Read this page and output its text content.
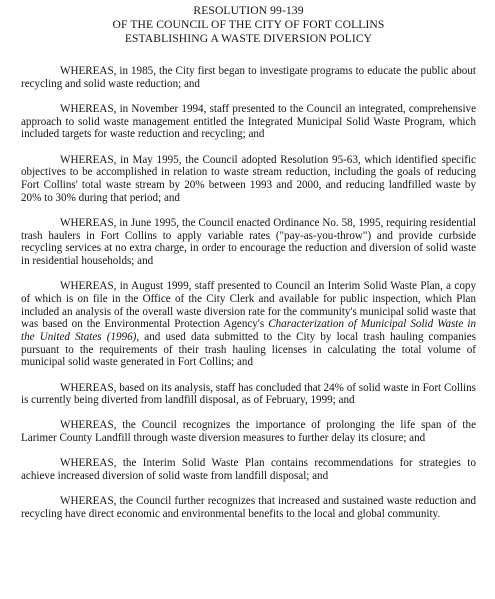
RESOLUTION 99-139
OF THE COUNCIL OF THE CITY OF FORT COLLINS
ESTABLISHING A WASTE DIVERSION POLICY

WHEREAS, in 1985, the City first began to investigate programs to educate the public about recycling and solid waste reduction; and

WHEREAS, in November 1994, staff presented to the Council an integrated, comprehensive approach to solid waste management entitled the Integrated Municipal Solid Waste Program, which included targets for waste reduction and recycling; and

WHEREAS, in May 1995, the Council adopted Resolution 95-63, which identified specific objectives to be accomplished in relation to waste stream reduction, including the goals of reducing Fort Collins' total waste stream by 20% between 1993 and 2000, and reducing landfilled waste by 20% to 30% during that period; and

WHEREAS, in June 1995, the Council enacted Ordinance No. 58, 1995, requiring residential trash haulers in Fort Collins to apply variable rates ("pay-as-you-throw") and provide curbside recycling services at no extra charge, in order to encourage the reduction and diversion of solid waste in residential households; and

WHEREAS, in August 1999, staff presented to Council an Interim Solid Waste Plan, a copy of which is on file in the Office of the City Clerk and available for public inspection, which Plan included an analysis of the overall waste diversion rate for the community's municipal solid waste that was based on the Environmental Protection Agency's Characterization of Municipal Solid Waste in the United States (1996), and used data submitted to the City by local trash hauling companies pursuant to the requirements of their trash hauling licenses in calculating the total volume of municipal solid waste generated in Fort Collins; and

WHEREAS, based on its analysis, staff has concluded that 24% of solid waste in Fort Collins is currently being diverted from landfill disposal, as of February, 1999; and

WHEREAS, the Council recognizes the importance of prolonging the life span of the Larimer County Landfill through waste diversion measures to further delay its closure; and

WHEREAS, the Interim Solid Waste Plan contains recommendations for strategies to achieve increased diversion of solid waste from landfill disposal; and

WHEREAS, the Council further recognizes that increased and sustained waste reduction and recycling have direct economic and environmental benefits to the local and global community.
